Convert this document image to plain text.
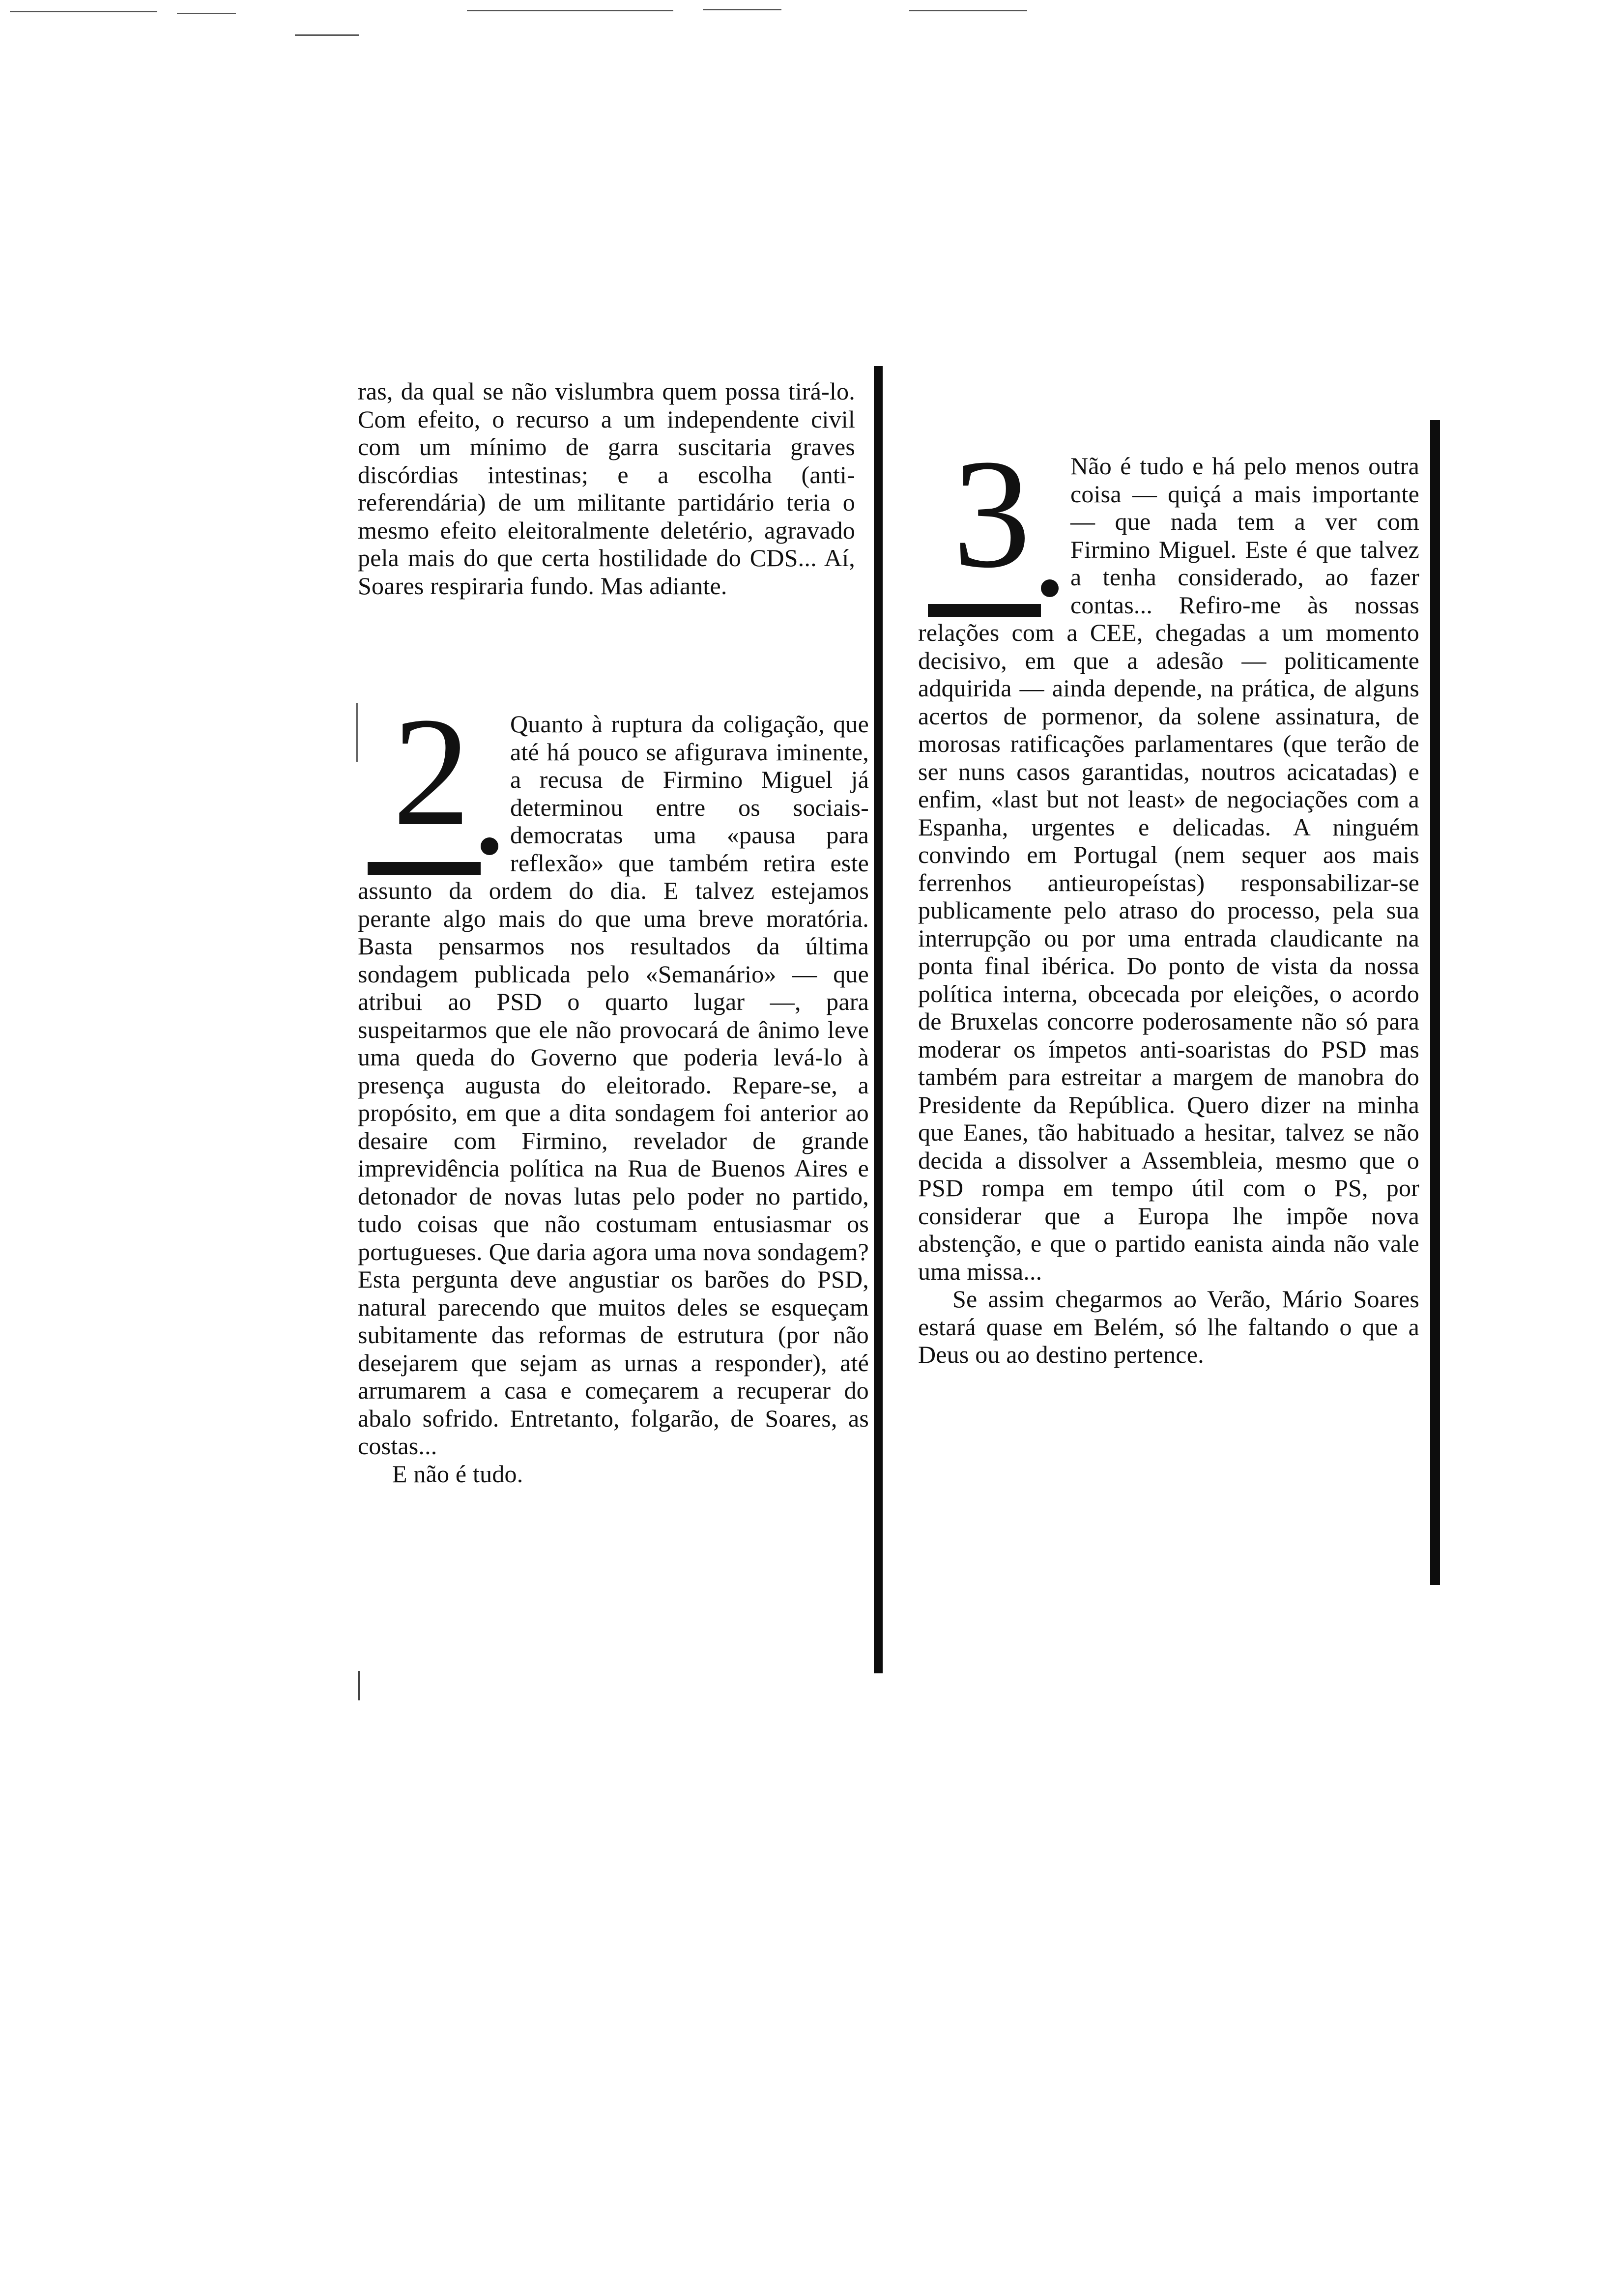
ras, da qual se não vislumbra quem possa tirá-lo. Com efeito, o recurso a um independente civil com um mínimo de garra suscitaria graves discórdias intestinas; e a escolha (anti-referendária) de um militante partidário teria o mesmo efeito eleitoralmente deletério, agravado pela mais do que certa hostilidade do CDS... Aí, Soares respiraria fundo. Mas adiante.

2	Quanto à ruptura da coligação, que até há pouco se afigurava iminente, a recusa de Firmino Miguel já determinou entre os sociais-democratas uma «pausa para reflexão» que também retira este assunto da ordem do dia. E talvez estejamos perante algo mais do que uma breve moratória. Basta pensarmos nos resultados da última sondagem publicada pelo «Semanário» — que atribui ao PSD o quarto lugar —, para suspeitarmos que ele não provocará de ânimo leve uma queda do Governo que poderia levá-lo à presença augusta do eleitorado. Repare-se, a propósito, em que a dita sondagem foi anterior ao desaire com Firmino, revelador de grande imprevidência política na Rua de Buenos Aires e detonador de novas lutas pelo poder no partido, tudo coisas que não costumam entusiasmar os portugueses. Que daria agora uma nova sondagem? Esta pergunta deve angustiar os barões do PSD, natural parecendo que muitos deles se esqueçam subitamente das reformas de estrutura (por não desejarem que sejam as urnas a responder), até arrumarem a casa e começarem a recuperar do abalo sofrido. Entretanto, folgarão, de Soares, as costas...

E não é tudo.

3	Não é tudo e há pelo menos outra coisa — quiçá a mais importante — que nada tem a ver com Firmino Miguel. Este é que talvez a tenha considerado, ao fazer contas... Refiro-me às nossas relações com a CEE, chegadas a um momento decisivo, em que a adesão — politicamente adquirida — ainda depende, na prática, de alguns acertos de pormenor, da solene assinatura, de morosas ratificações parlamentares (que terão de ser nuns casos garantidas, noutros acicatadas) e enfim, «last but not least» de negociações com a Espanha, urgentes e delicadas. A ninguém convindo em Portugal (nem sequer aos mais ferrenhos antieuropeístas) responsabilizar-se publicamente pelo atraso do processo, pela sua interrupção ou por uma entrada claudicante na ponta final ibérica. Do ponto de vista da nossa política interna, obcecada por eleições, o acordo de Bruxelas concorre poderosamente não só para moderar os ímpetos anti-soaristas do PSD mas também para estreitar a margem de manobra do Presidente da República. Quero dizer na minha que Eanes, tão habituado a hesitar, talvez se não decida a dissolver a Assembleia, mesmo que o PSD rompa em tempo útil com o PS, por considerar que a Europa lhe impõe nova abstenção, e que o partido eanista ainda não vale uma missa...

Se assim chegarmos ao Verão, Mário Soares estará quase em Belém, só lhe faltando o que a Deus ou ao destino pertence.
